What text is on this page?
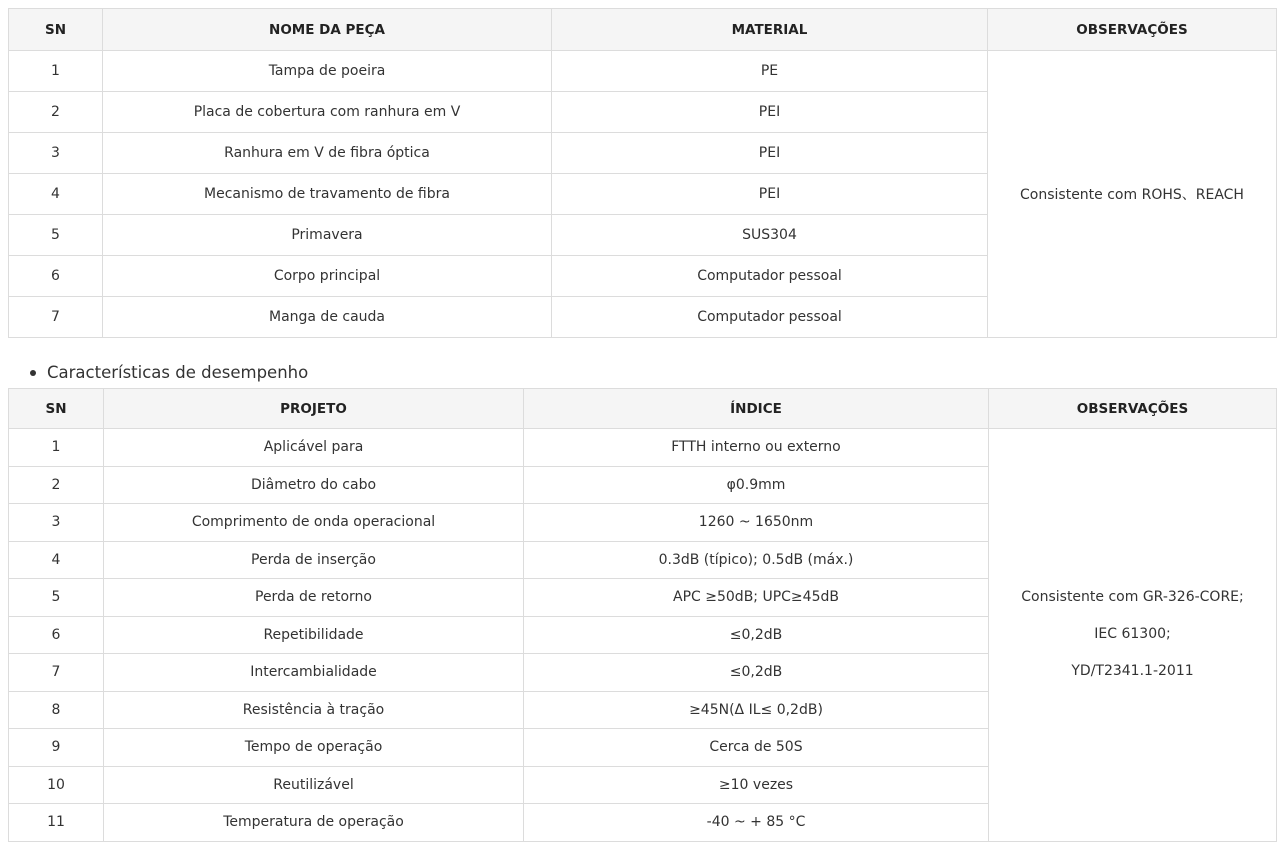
SN	NOME DA PEÇA	MATERIAL	OBSERVAÇÕES
1	Tampa de poeira	PE	Consistente com ROHS、REACH
2	Placa de cobertura com ranhura em V	PEI	
3	Ranhura em V de fibra óptica	PEI	
4	Mecanismo de travamento de fibra	PEI	
5	Primavera	SUS304	
6	Corpo principal	Computador pessoal	
7	Manga de cauda	Computador pessoal	
Características de desempenho
SN	PROJETO	ÍNDICE	OBSERVAÇÕES
1	Aplicável para	FTTH interno ou externo	Consistente com GR-326-CORE;
IEC 61300;
YD/T2341.1-2011

2	Diâmetro do cabo	φ0.9mm	
3	Comprimento de onda operacional	1260 ~ 1650nm	
4	Perda de inserção	0.3dB (típico); 0.5dB (máx.)	
5	Perda de retorno	APC ≥50dB; UPC≥45dB	
6	Repetibilidade	≤0,2dB	
7	Intercambialidade	≤0,2dB	
8	Resistência à tração	≥45N(Δ IL≤ 0,2dB)	
9	Tempo de operação	Cerca de 50S	
10	Reutilizável	≥10 vezes	
11	Temperatura de operação	-40 ~ + 85 °C	
